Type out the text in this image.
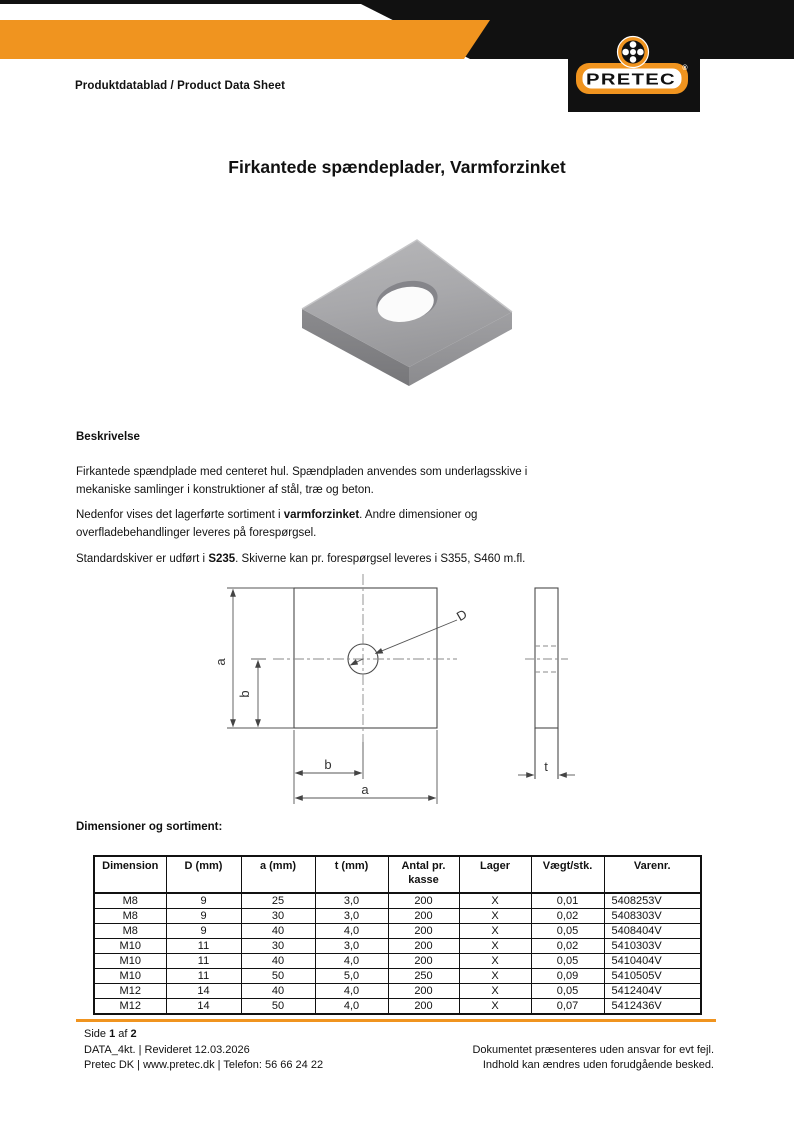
PRETEC
®
Produktdatablad / Product Data Sheet
Firkantede spændeplader, Varmforzinket
Beskrivelse
Firkantede spændplade med centeret hul. Spændpladen anvendes som underlagsskive i
mekaniske samlinger i konstruktioner af stål, træ og beton.
Nedenfor vises det lagerførte sortiment i varmforzinket. Andre dimensioner og
overfladebehandlinger leveres på forespørgsel.
Standardskiver er udført i S235. Skiverne kan pr. forespørgsel leveres i S355, S460 m.fl.
a
b
D
b
a
t
Dimensioner og sortiment:
Dimension	D (mm)	a (mm)	t (mm)	Antal pr. kasse	Lager	Vægt/stk.	Varenr.
M8	9	25	3,0	200	X	0,01	5408253V
M8	9	30	3,0	200	X	0,02	5408303V
M8	9	40	4,0	200	X	0,05	5408404V
M10	11	30	3,0	200	X	0,02	5410303V
M10	11	40	4,0	200	X	0,05	5410404V
M10	11	50	5,0	250	X	0,09	5410505V
M12	14	40	4,0	200	X	0,05	5412404V
M12	14	50	4,0	200	X	0,07	5412436V
Side 1 af 2
DATA_4kt. | Revideret 12.03.2026
Pretec DK | www.pretec.dk | Telefon: 56 66 24 22
Dokumentet præsenteres uden ansvar for evt fejl.
Indhold kan ændres uden forudgående besked.
